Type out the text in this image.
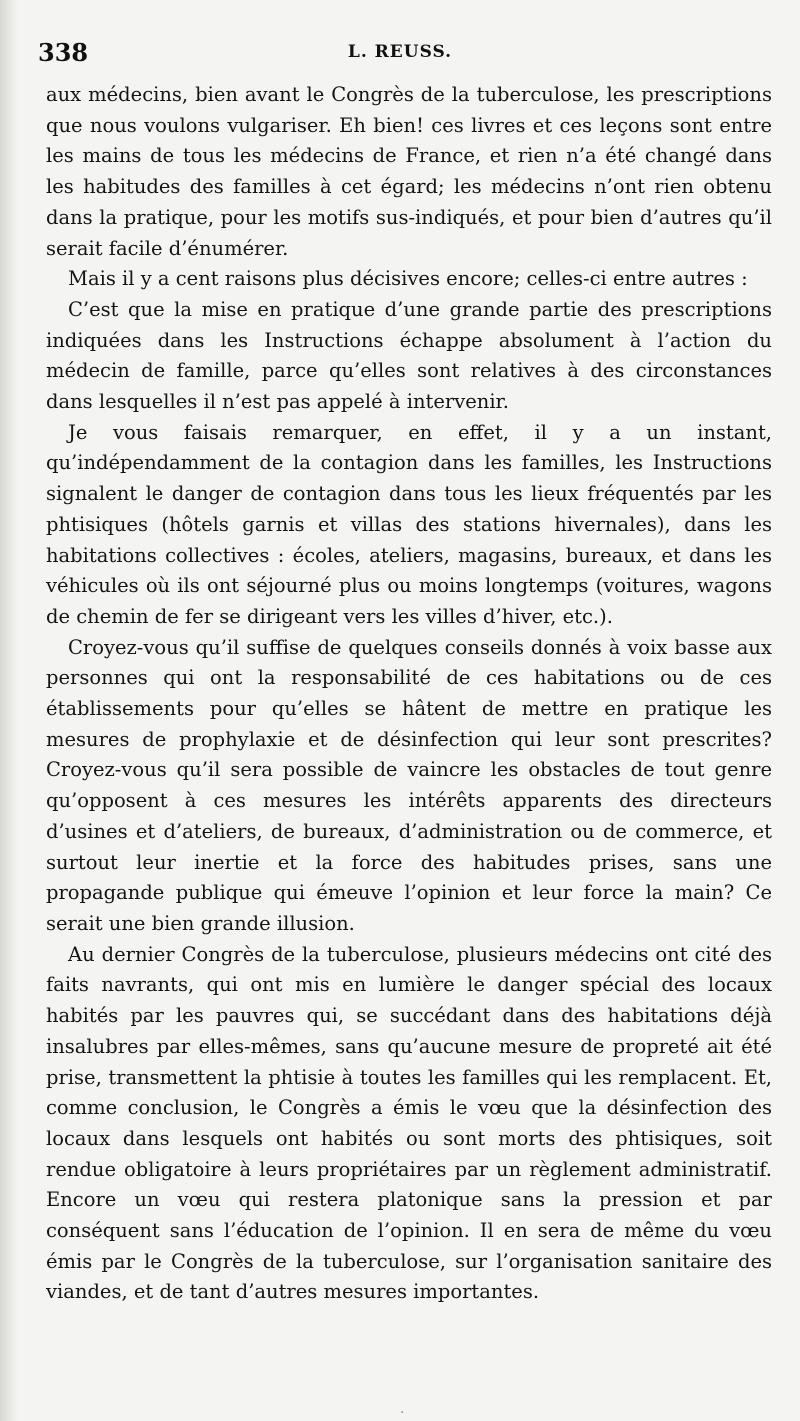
338	L. REUSS.

aux médecins, bien avant le Congrès de la tuberculose, les prescriptions que nous voulons vulgariser. Eh bien! ces livres et ces leçons sont entre les mains de tous les médecins de France, et rien n’a été changé dans les habitudes des familles à cet égard; les médecins n’ont rien obtenu dans la pratique, pour les motifs sus-indiqués, et pour bien d’autres qu’il serait facile d’énumérer.

Mais il y a cent raisons plus décisives encore; celles-ci entre autres :

C’est que la mise en pratique d’une grande partie des prescriptions indiquées dans les Instructions échappe absolument à l’action du médecin de famille, parce qu’elles sont relatives à des circonstances dans lesquelles il n’est pas appelé à intervenir.

Je vous faisais remarquer, en effet, il y a un instant, qu’indépendamment de la contagion dans les familles, les Instructions signalent le danger de contagion dans tous les lieux fréquentés par les phtisiques (hôtels garnis et villas des stations hivernales), dans les habitations collectives : écoles, ateliers, magasins, bureaux, et dans les véhicules où ils ont séjourné plus ou moins longtemps (voitures, wagons de chemin de fer se dirigeant vers les villes d’hiver, etc.).

Croyez-vous qu’il suffise de quelques conseils donnés à voix basse aux personnes qui ont la responsabilité de ces habitations ou de ces établissements pour qu’elles se hâtent de mettre en pratique les mesures de prophylaxie et de désinfection qui leur sont prescrites? Croyez-vous qu’il sera possible de vaincre les obstacles de tout genre qu’opposent à ces mesures les intérêts apparents des directeurs d’usines et d’ateliers, de bureaux, d’administration ou de commerce, et surtout leur inertie et la force des habitudes prises, sans une propagande publique qui émeuve l’opinion et leur force la main? Ce serait une bien grande illusion.

Au dernier Congrès de la tuberculose, plusieurs médecins ont cité des faits navrants, qui ont mis en lumière le danger spécial des locaux habités par les pauvres qui, se succédant dans des habitations déjà insalubres par elles-mêmes, sans qu’aucune mesure de propreté ait été prise, transmettent la phtisie à toutes les familles qui les remplacent. Et, comme conclusion, le Congrès a émis le vœu que la désinfection des locaux dans lesquels ont habités ou sont morts des phtisiques, soit rendue obligatoire à leurs propriétaires par un règlement administratif. Encore un vœu qui restera platonique sans la pression et par conséquent sans l’éducation de l’opinion. Il en sera de même du vœu émis par le Congrès de la tuberculose, sur l’organisation sanitaire des viandes, et de tant d’autres mesures importantes.

.
